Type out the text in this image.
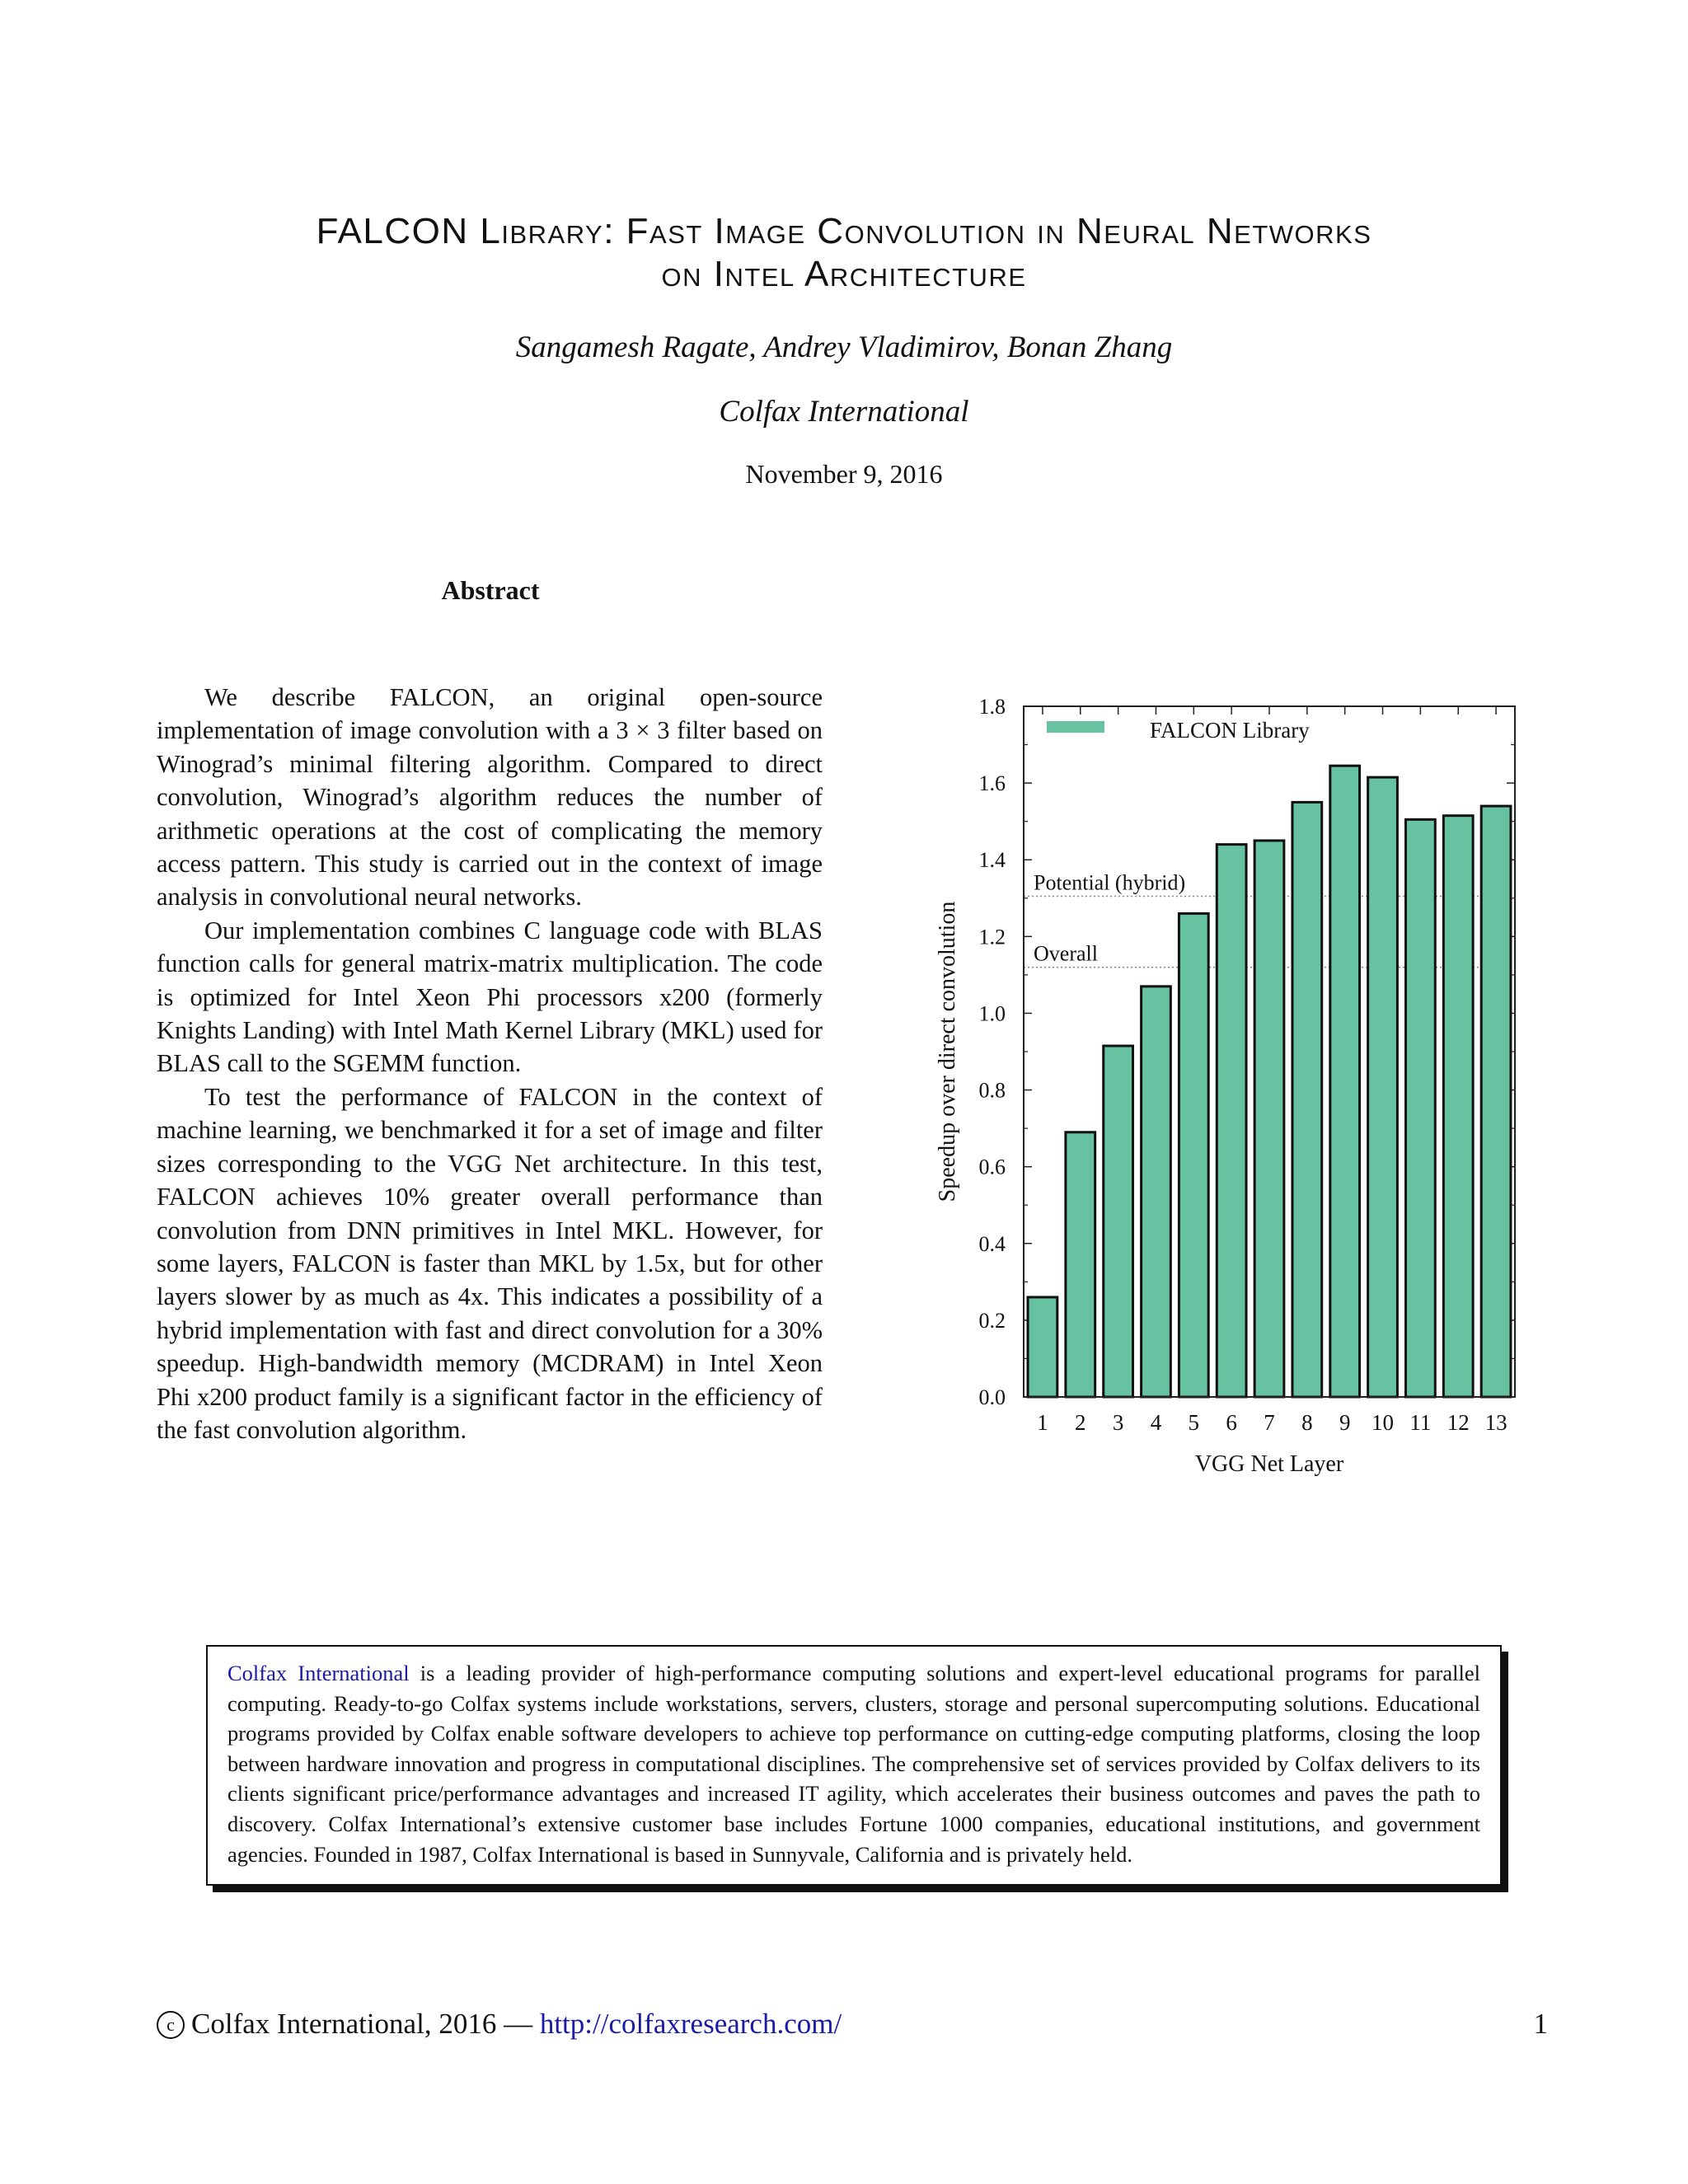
FALCON Library: Fast Image Convolution in Neural Networks
on Intel Architecture
Sangamesh Ragate, Andrey Vladimirov, Bonan Zhang
Colfax International
November 9, 2016
Abstract

We describe FALCON, an original open-source implementation of image convolution with a 3 × 3 filter based on Winograd’s minimal filtering algorithm. Compared to direct convolution, Winograd’s algorithm reduces the number of arithmetic operations at the cost of complicating the memory access pattern. This study is carried out in the context of image analysis in convolutional neural networks.

Our implementation combines C language code with BLAS function calls for general matrix-matrix multiplication. The code is optimized for Intel Xeon Phi processors x200 (formerly Knights Landing) with Intel Math Kernel Library (MKL) used for BLAS call to the SGEMM function.

To test the performance of FALCON in the context of machine learning, we benchmarked it for a set of image and filter sizes corresponding to the VGG Net architecture. In this test, FALCON achieves 10% greater overall performance than convolution from DNN primitives in Intel MKL. However, for some layers, FALCON is faster than MKL by 1.5x, but for other layers slower by as much as 4x. This indicates a possibility of a hybrid implementation with fast and direct convolution for a 30% speedup. High-bandwidth memory (MCDRAM) in Intel Xeon Phi x200 product family is a significant factor in the efficiency of the fast convolution algorithm.

0.0
0.2
0.4
0.6
0.8
1.0
1.2
1.4
1.6
1.8
Potential (hybrid)
Overall
1 2 3 4 5 6 7 8 9 10 11 12 13
FALCON Library
VGG Net Layer
Speedup over direct convolution
Colfax International is a leading provider of high-performance computing solutions and expert-level educational programs for parallel computing. Ready-to-go Colfax systems include workstations, servers, clusters, storage and personal supercomputing solutions. Educational programs provided by Colfax enable software developers to achieve top performance on cutting-edge computing platforms, closing the loop between hardware innovation and progress in computational disciplines. The comprehensive set of services provided by Colfax delivers to its clients significant price/performance advantages and increased IT agility, which accelerates their business outcomes and paves the path to discovery. Colfax International’s extensive customer base includes Fortune 1000 companies, educational institutions, and government agencies. Founded in 1987, Colfax International is based in Sunnyvale, California and is privately held.
c Colfax International, 2016 — http://colfaxresearch.com/	1
